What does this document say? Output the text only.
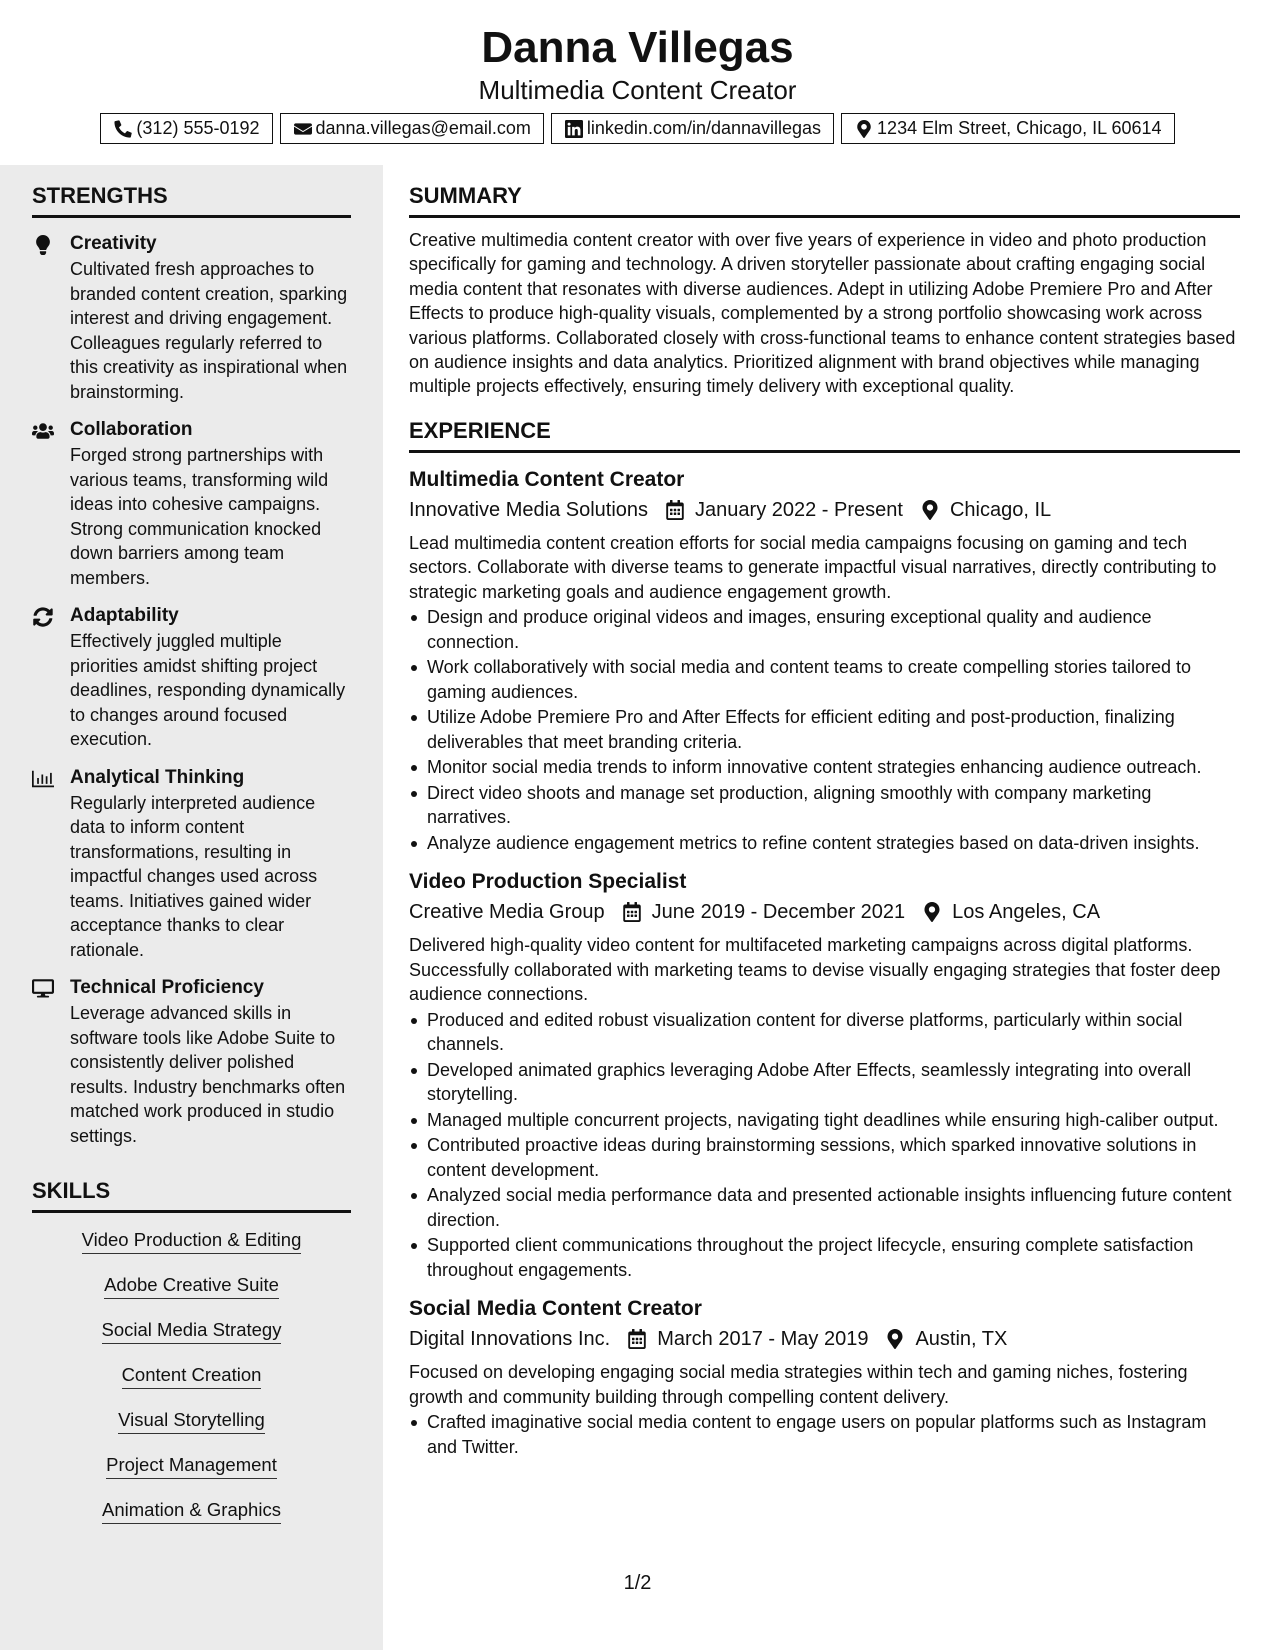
Danna Villegas
Multimedia Content Creator
(312) 555-0192	danna.villegas@email.com	linkedin.com/in/dannavillegas	1234 Elm Street, Chicago, IL 60614
STRENGTHS
Creativity
Cultivated fresh approaches to branded content creation, sparking interest and driving engagement. Colleagues regularly referred to this creativity as inspirational when brainstorming.
Collaboration
Forged strong partnerships with various teams, transforming wild ideas into cohesive campaigns. Strong communication knocked down barriers among team members.
Adaptability
Effectively juggled multiple priorities amidst shifting project deadlines, responding dynamically to changes around focused execution.
Analytical Thinking
Regularly interpreted audience data to inform content transformations, resulting in impactful changes used across teams. Initiatives gained wider acceptance thanks to clear rationale.
Technical Proficiency
Leverage advanced skills in software tools like Adobe Suite to consistently deliver polished results. Industry benchmarks often matched work produced in studio settings.
SKILLS
Video Production & Editing
Adobe Creative Suite
Social Media Strategy
Content Creation
Visual Storytelling
Project Management
Animation & Graphics
SUMMARY
Creative multimedia content creator with over five years of experience in video and photo production specifically for gaming and technology. A driven storyteller passionate about crafting engaging social media content that resonates with diverse audiences. Adept in utilizing Adobe Premiere Pro and After Effects to produce high-quality visuals, complemented by a strong portfolio showcasing work across various platforms. Collaborated closely with cross-functional teams to enhance content strategies based on audience insights and data analytics. Prioritized alignment with brand objectives while managing multiple projects effectively, ensuring timely delivery with exceptional quality.
EXPERIENCE
Multimedia Content Creator
Innovative Media Solutions January 2022 - Present Chicago, IL
Lead multimedia content creation efforts for social media campaigns focusing on gaming and tech sectors. Collaborate with diverse teams to generate impactful visual narratives, directly contributing to strategic marketing goals and audience engagement growth.
Design and produce original videos and images, ensuring exceptional quality and audience connection.
Work collaboratively with social media and content teams to create compelling stories tailored to gaming audiences.
Utilize Adobe Premiere Pro and After Effects for efficient editing and post-production, finalizing deliverables that meet branding criteria.
Monitor social media trends to inform innovative content strategies enhancing audience outreach.
Direct video shoots and manage set production, aligning smoothly with company marketing narratives.
Analyze audience engagement metrics to refine content strategies based on data-driven insights.
Video Production Specialist
Creative Media Group June 2019 - December 2021 Los Angeles, CA
Delivered high-quality video content for multifaceted marketing campaigns across digital platforms. Successfully collaborated with marketing teams to devise visually engaging strategies that foster deep audience connections.
Produced and edited robust visualization content for diverse platforms, particularly within social channels.
Developed animated graphics leveraging Adobe After Effects, seamlessly integrating into overall storytelling.
Managed multiple concurrent projects, navigating tight deadlines while ensuring high-caliber output.
Contributed proactive ideas during brainstorming sessions, which sparked innovative solutions in content development.
Analyzed social media performance data and presented actionable insights influencing future content direction.
Supported client communications throughout the project lifecycle, ensuring complete satisfaction throughout engagements.
Social Media Content Creator
Digital Innovations Inc. March 2017 - May 2019 Austin, TX
Focused on developing engaging social media strategies within tech and gaming niches, fostering growth and community building through compelling content delivery.
Crafted imaginative social media content to engage users on popular platforms such as Instagram and Twitter.
1/2
